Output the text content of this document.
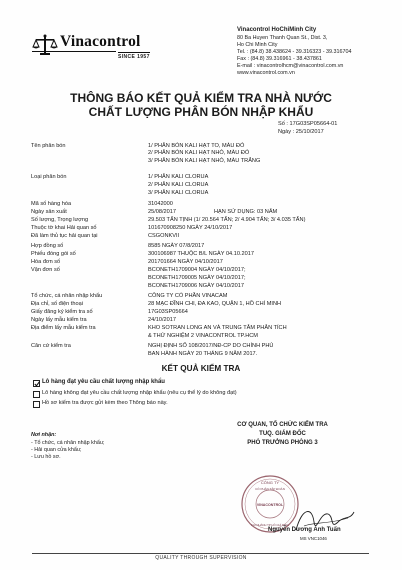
Vinacontrol
SINCE 1957
Vinacontrol HoChiMinh City
80 Ba Huyen Thanh Quan St., Dist. 3,
Ho Chi Minh City
Tel. : (84.8) 38.438624 - 39.316323 - 39.316704
Fax : (84.8) 39.316961 - 38.437861
E-mail : vinacontrolhcm@vinacontrol.com.vn
www.vinacontrol.com.vn
THÔNG BÁO KẾT QUẢ KIỂM TRA NHÀ NƯỚC
CHẤT LƯỢNG PHÂN BÓN NHẬP KHẨU
Số : 17G03SP05664-01
Ngày : 25/10/2017
Tên phân bón	1/ PHÂN BÓN KALI HẠT TO, MÀU ĐỎ
2/ PHÂN BÓN KALI HẠT NHỎ, MÀU ĐỎ
3/ PHÂN BÓN KALI HẠT NHỎ, MÀU TRẮNG
Loại phân bón	1/ PHÂN KALI CLORUA
2/ PHÂN KALI CLORUA
3/ PHÂN KALI CLORUA
Mã số hàng hóa	31042000
Ngày sản xuất	25/08/2017	HẠN SỬ DỤNG: 03 NĂM
Số lượng, Trọng lượng	29.503 TẤN TỊNH (1/ 20.564 TẤN; 2/ 4.904 TẤN; 3/ 4.035 TẤN)
Thuộc tờ khai Hải quan số	101670908250 NGÀY 24/10/2017
Đã làm thủ tục hải quan tại	CSGONKVII
Hợp đồng số	8585 NGÀY 07/8/2017
Phiếu đóng gói số	300106987 THUỘC B/L NGÀY 04.10.2017
Hóa đơn số	201701664 NGÀY 04/10/2017
Vận đơn số	BCONETH1709004 NGÀY 04/10/2017;
BCONETH1709005 NGÀY 04/10/2017;
BCONETH1709006 NGÀY 04/10/2017
Tổ chức, cá nhân nhập khẩu	CÔNG TY CỔ PHẦN VINACAM
Địa chỉ, số điện thoại	28 MẠC ĐĨNH CHI, ĐA KAO, QUẬN 1, HỒ CHÍ MINH
Giấy đăng ký kiểm tra số	17G03SP05664
Ngày lấy mẫu kiểm tra	24/10/2017
Địa điểm lấy mẫu kiểm tra	KHO SOTRAN LONG AN VÀ TRUNG TÂM PHÂN TÍCH
& THỬ NGHIỆM 2 VINACONTROL TP.HCM
Căn cứ kiểm tra	NGHỊ ĐỊNH SỐ 108/2017/NĐ-CP DO CHÍNH PHỦ
BAN HÀNH NGÀY 20 THÁNG 9 NĂM 2017.
KẾT QUẢ KIỂM TRA
Lô hàng đạt yêu cầu chất lượng nhập khẩu
Lô hàng không đạt yêu cầu chất lượng nhập khẩu (nêu cụ thể lý do không đạt)
Hồ sơ kiểm tra được gửi kèm theo Thông báo này.
Nơi nhận:
- Tổ chức, cá nhân nhập khẩu;
- Hải quan cửa khẩu;
- Lưu hồ sơ.
CƠ QUAN, TỔ CHỨC KIỂM TRA
TUQ. GIÁM ĐỐC
PHÓ TRƯỞNG PHÒNG 3
CÔNG TY
CỔ PHẦN TẬP ĐOÀN
VINACONTROL
CHI NHÁNH TP HỒ CHÍ MINH
Nguyễn Dương Anh Tuấn
MS VNC1046
QUALITY THROUGH SUPERVISION
